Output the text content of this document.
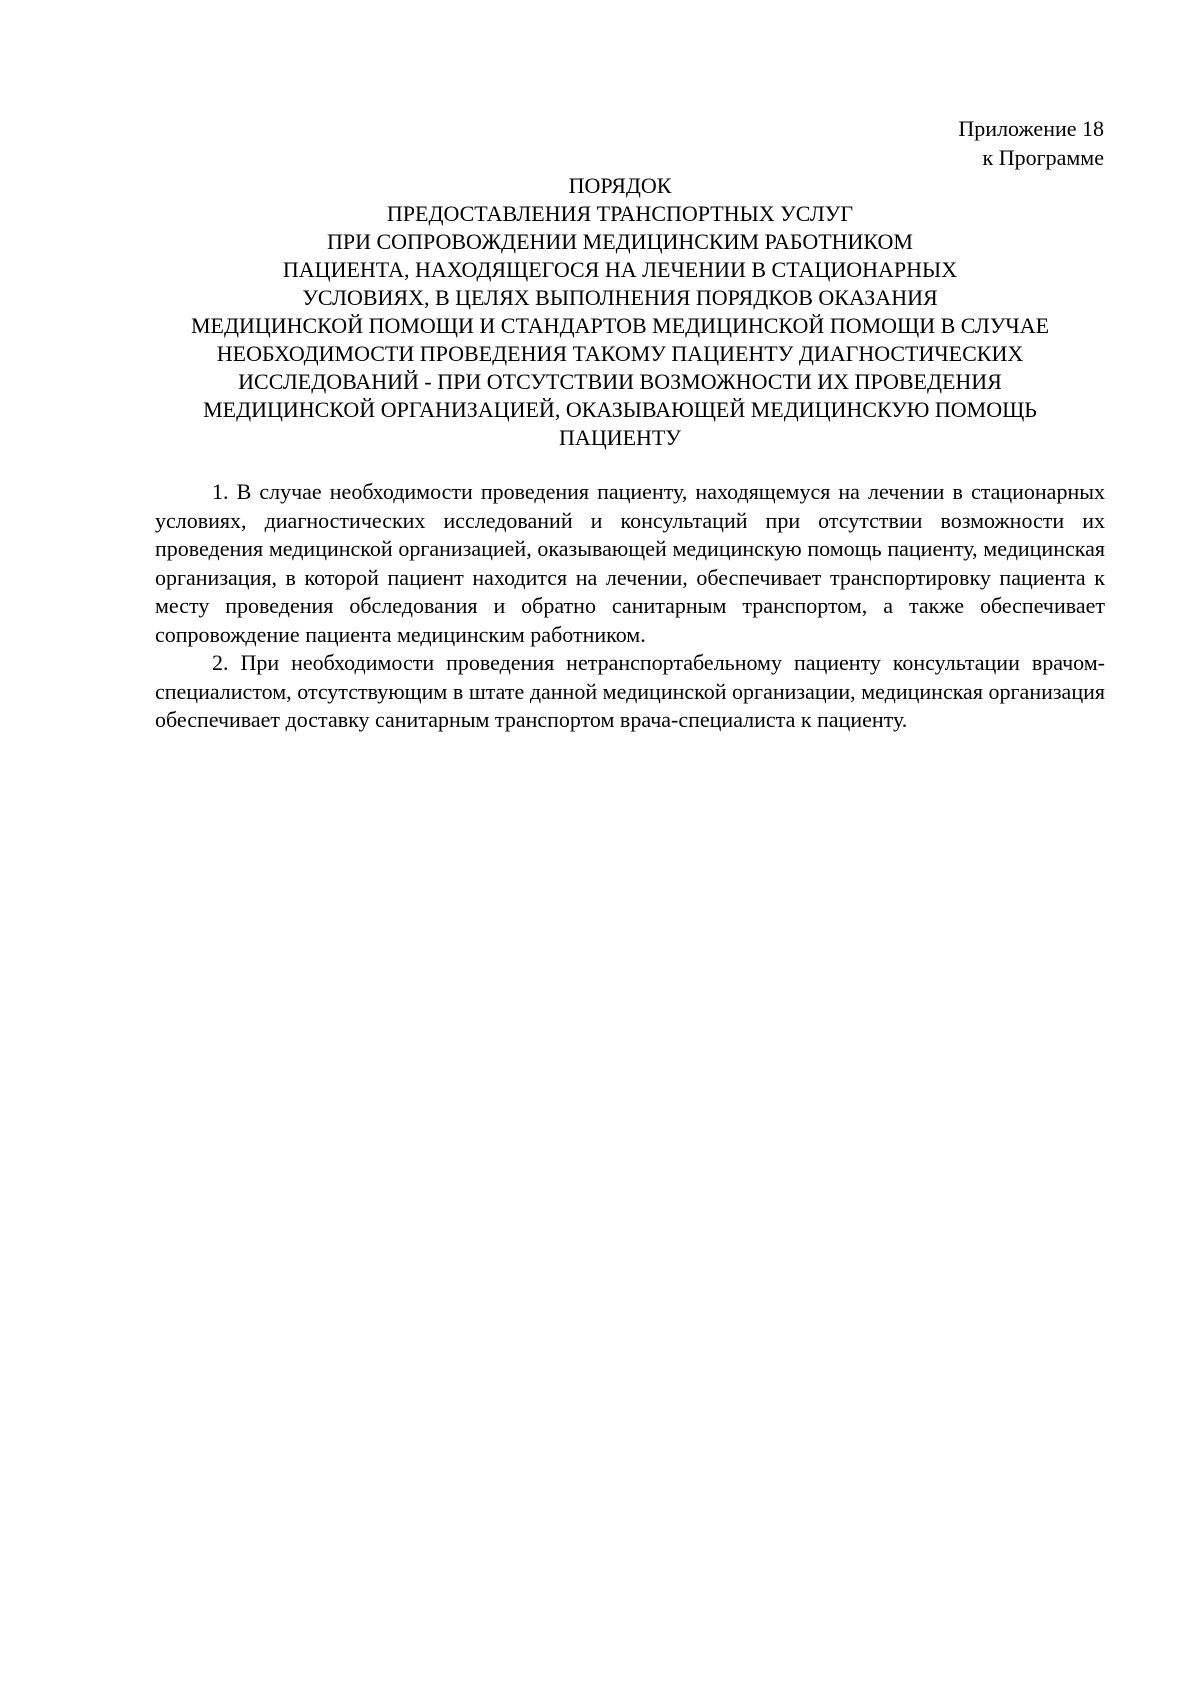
Приложение 18
к Программе
ПОРЯДОК
ПРЕДОСТАВЛЕНИЯ ТРАНСПОРТНЫХ УСЛУГ
ПРИ СОПРОВОЖДЕНИИ МЕДИЦИНСКИМ РАБОТНИКОМ
ПАЦИЕНТА, НАХОДЯЩЕГОСЯ НА ЛЕЧЕНИИ В СТАЦИОНАРНЫХ
УСЛОВИЯХ, В ЦЕЛЯХ ВЫПОЛНЕНИЯ ПОРЯДКОВ ОКАЗАНИЯ
МЕДИЦИНСКОЙ ПОМОЩИ И СТАНДАРТОВ МЕДИЦИНСКОЙ ПОМОЩИ В СЛУЧАЕ
НЕОБХОДИМОСТИ ПРОВЕДЕНИЯ ТАКОМУ ПАЦИЕНТУ ДИАГНОСТИЧЕСКИХ
ИССЛЕДОВАНИЙ - ПРИ ОТСУТСТВИИ ВОЗМОЖНОСТИ ИХ ПРОВЕДЕНИЯ
МЕДИЦИНСКОЙ ОРГАНИЗАЦИЕЙ, ОКАЗЫВАЮЩЕЙ МЕДИЦИНСКУЮ ПОМОЩЬ
ПАЦИЕНТУ

1. В случае необходимости проведения пациенту, находящемуся на лечении в стационарных условиях, диагностических исследований и консультаций при отсутствии возможности их проведения медицинской организацией, оказывающей медицинскую помощь пациенту, медицинская организация, в которой пациент находится на лечении, обеспечивает транспортировку пациента к месту проведения обследования и обратно санитарным транспортом, а также обеспечивает сопровождение пациента медицинским работником.

2. При необходимости проведения нетранспортабельному пациенту консультации врачом-специалистом, отсутствующим в штате данной медицинской организации, медицинская организация обеспечивает доставку санитарным транспортом врача-специалиста к пациенту.
